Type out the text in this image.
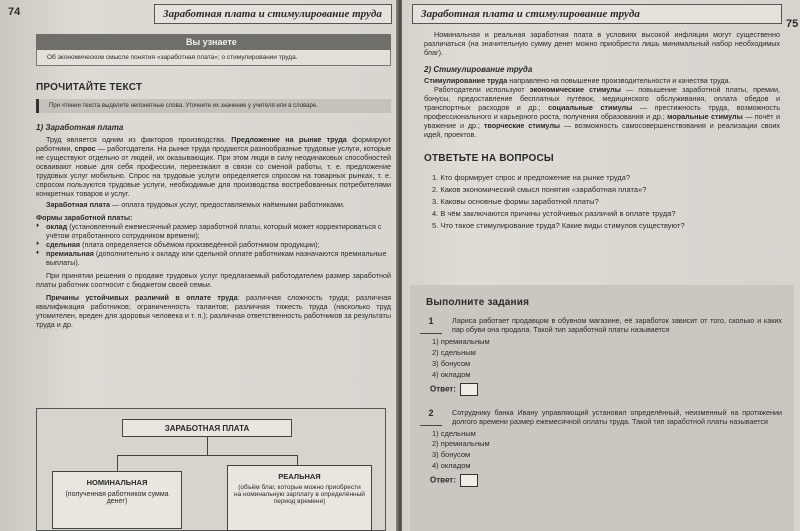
74	Заработная плата и стимулирование труда
Вы узнаете
Об экономическом смысле понятия «заработная плата»; о стимулировании труда.
ПРОЧИТАЙТЕ ТЕКСТ
При чтении текста выделите непонятные слова. Уточните их значение у учителя или в словаре.
1) Заработная плата
Труд является одним из факторов производства. Предложение на рынке труда формируют работники, спрос — работодатели. На рынке труда продаются разнообразные трудовые услуги, которые не существуют отдельно от людей, их оказывающих. При этом люди в силу неодинаковых способностей осваивают новые для себя профессии, переезжают в связи со сменой работы, т. е. предложение трудовых услуг мобильно. Спрос на трудовые услуги определяется спросом на товарных рынках, т. е. спросом пользуются трудовые услуги, необходимые для производства востребованных потребителями конкретных товаров и услуг.
Заработная плата — оплата трудовых услуг, предоставляемых наёмными работниками.
Формы заработной платы:
♦ оклад (установленный ежемесячный размер заработной платы, который может корректироваться с учётом отработанного сотрудником времени);
♦ сдельная (плата определяется объёмом произведённой работником продукции);
♦ премиальная (дополнительно к окладу или сдельной оплате работникам назначаются премиальные выплаты).
При принятии решения о продаже трудовых услуг предлагаемый работодателем размер заработной платы работник соотносит с бюджетом своей семьи.
Причины устойчивых различий в оплате труда: различная сложность труда; различная квалификация работников; ограниченность талантов; различная тяжесть труда (насколько труд утомителен, вреден для здоровья человека и т. п.); различная ответственность работников за результаты труда и др.
ЗАРАБОТНАЯ ПЛАТА
НОМИНАЛЬНАЯ
(полученная работником сумма денег)
РЕАЛЬНАЯ
(объём благ, которые можно приобрести на номинальную зарплату в определённый период времени)
Заработная плата и стимулирование труда
75
Номинальная и реальная заработная плата в условиях высокой инфляции могут существенно различаться (на значительную сумму денег можно приобрести лишь минимальный набор необходимых благ).
2) Стимулирование труда
Стимулирование труда направлено на повышение производительности и качества труда.
Работодатели используют экономические стимулы — повышение заработной платы, премии, бонусы, предоставление бесплатных путёвок, медицинского обслуживания, оплата обедов и транспортных расходов и др.; социальные стимулы — престижность труда, возможность профессионального и карьерного роста, получения образования и др.; моральные стимулы — почёт и уважение и др.; творческие стимулы — возможность самосовершенствования и реализации своих идей, проектов.
ОТВЕТЬТЕ НА ВОПРОСЫ
1. Кто формирует спрос и предложение на рынке труда?
2. Каков экономический смысл понятия «заработная плата»?
3. Каковы основные формы заработной платы?
4. В чём заключаются причины устойчивых различий в оплате труда?
5. Что такое стимулирование труда? Какие виды стимулов существуют?
Выполните задания
1	Лариса работает продавцом в обувном магазине, её заработок зависит от того, сколько и каких пар обуви она продала. Такой тип заработной платы называется
1) премиальным
2) сдельным
3) бонусом
4) окладом
Ответ:
2	Сотруднику банка Ивану управляющий установил определённый, неизменный на протяжении долгого времени размер ежемесячной оплаты труда. Такой тип заработной платы называется
1) сдельным
2) премиальным
3) бонусом
4) окладом
Ответ:
